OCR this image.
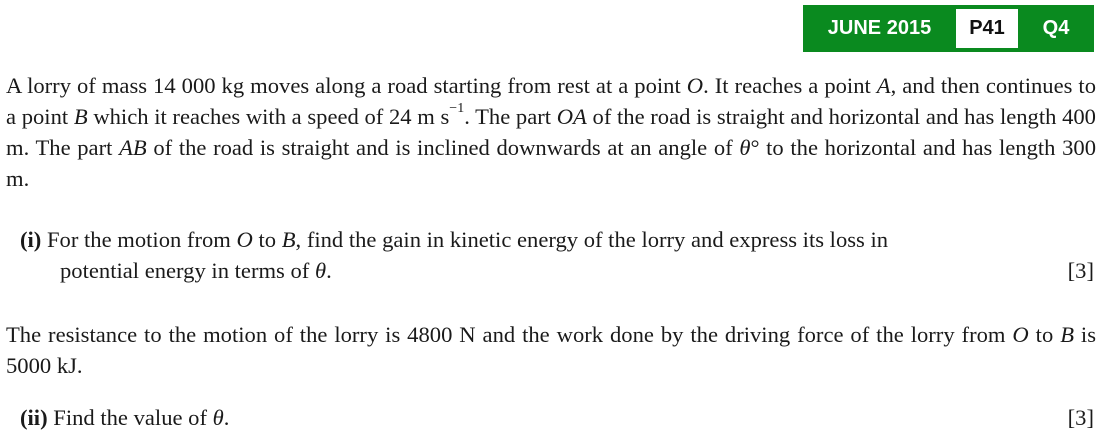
JUNE 2015	P41	Q4

A lorry of mass 14 000 kg moves along a road starting from rest at a point O. It reaches a point A, and then continues to a point B which it reaches with a speed of 24 m $s^{-1}$. The part OA of the road is straight and horizontal and has length 400 m. The part AB of the road is straight and is inclined downwards at an angle of θ° to the horizontal and has length 300 m.

(i) For the motion from O to B, find the gain in kinetic energy of the lorry and express its loss in
potential energy in terms of θ.	[3]

The resistance to the motion of the lorry is 4800 N and the work done by the driving force of the lorry from O to B is 5000 kJ.

(ii) Find the value of θ.	[3]
